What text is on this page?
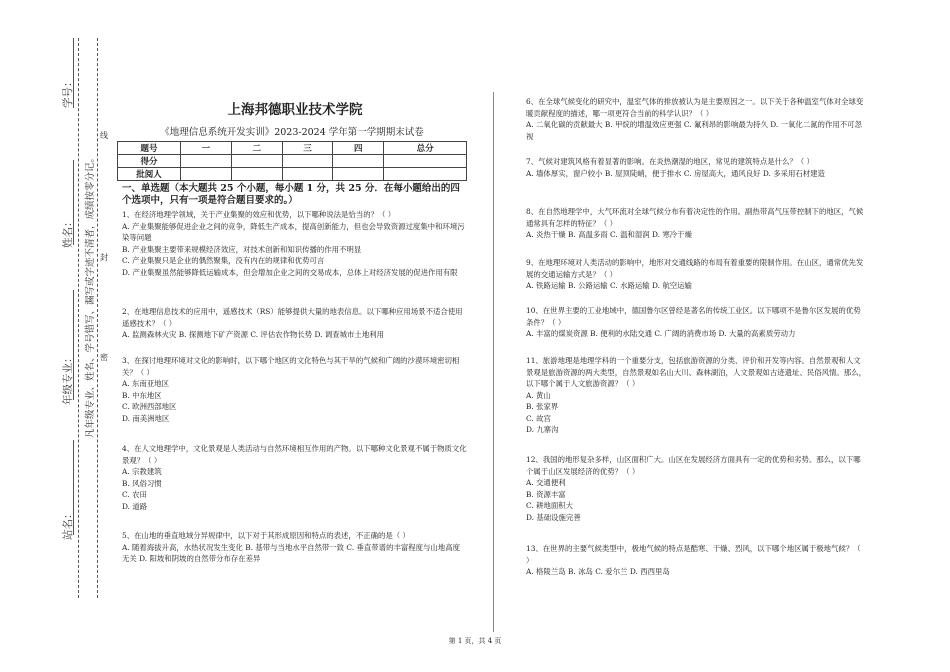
学号：
姓名：
年级专业：
站名：
凡年级专业、姓名、学号错写、漏写或字迹不清者，成绩按零分记。 密
封
线
上海邦德职业技术学院
《地理信息系统开发实训》2023-2024 学年第一学期期末试卷
题号	一	二	三	四	总分
得分					
批阅人					
一、单选题（本大题共 25 个小题，每小题 1 分，共 25 分．在每小题给出的四个选项中，只有一项是符合题目要求的。）
1、在经济地理学领域，关于产业集聚的效应和优势，以下哪种说法是恰当的？（ ）
A. 产业集聚能够促进企业之间的竞争，降低生产成本，提高创新能力，但也会导致资源过度集中和环境污染等问题
B. 产业集聚主要带来规模经济效应，对技术创新和知识传播的作用不明显
C. 产业集聚只是企业的偶然聚集，没有内在的规律和优势可言
D. 产业集聚虽然能够降低运输成本，但会增加企业之间的交易成本，总体上对经济发展的促进作用有限
2、在地理信息技术的应用中，遥感技术（RS）能够提供大量的地表信息。以下哪种应用场景不适合使用遥感技术？（ ）
A. 监测森林火灾 B. 探测地下矿产资源 C. 评估农作物长势 D. 调查城市土地利用
3、在探讨地理环境对文化的影响时，以下哪个地区的文化特色与其干旱的气候和广阔的沙漠环境密切相关？（ ）
A. 东南亚地区
B. 中东地区
C. 欧洲西部地区
D. 南美洲地区
4、在人文地理学中，文化景观是人类活动与自然环境相互作用的产物。以下哪种文化景观不属于物质文化景观？（ ）
A. 宗教建筑
B. 风俗习惯
C. 农田
D. 道路
5、在山地的垂直地域分异规律中，以下对于其形成原因和特点的表述，不正确的是（ ）
A. 随着海拔升高，水热状况发生变化 B. 基带与当地水平自然带一致 C. 垂直带谱的丰富程度与山地高度无关 D. 阳坡和阴坡的自然带分布存在差异
6、在全球气候变化的研究中，温室气体的排放被认为是主要原因之一。以下关于各种温室气体对全球变暖贡献程度的描述，哪一项更符合当前的科学认识？（ ）
A. 二氧化碳的贡献最大 B. 甲烷的增温效应更强 C. 氟利昂的影响最为持久 D. 一氧化二氮的作用不可忽视
7、气候对建筑风格有着显著的影响。在炎热潮湿的地区，常见的建筑特点是什么？（ ）
A. 墙体厚实，窗户较小 B. 屋顶陡峭，便于排水 C. 房屋高大，通风良好 D. 多采用石材建造
8、在自然地理学中，大气环流对全球气候分布有着决定性的作用。副热带高气压带控制下的地区，气候通常具有怎样的特征？（ ）
A. 炎热干燥 B. 高温多雨 C. 温和湿润 D. 寒冷干燥
9、在地理环境对人类活动的影响中，地形对交通线路的布局有着重要的限制作用。在山区，通常优先发展的交通运输方式是？（ ）
A. 铁路运输 B. 公路运输 C. 水路运输 D. 航空运输
10、在世界主要的工业地域中，德国鲁尔区曾经是著名的传统工业区。以下哪项不是鲁尔区发展的优势条件？（ ）
A. 丰富的煤炭资源 B. 便利的水陆交通 C. 广阔的消费市场 D. 大量的高素质劳动力
11、旅游地理是地理学科的一个重要分支，包括旅游资源的分类、评价和开发等内容。自然景观和人文景观是旅游资源的两大类型，自然景观如名山大川、森林湖泊，人文景观如古迹遗址、民俗风情。那么，以下哪个属于人文旅游资源？（ ）
A. 黄山
B. 张家界
C. 故宫
D. 九寨沟
12、我国的地形复杂多样，山区面积广大。山区在发展经济方面具有一定的优势和劣势。那么，以下哪个属于山区发展经济的优势？（ ）
A. 交通便利
B. 资源丰富
C. 耕地面积大
D. 基础设施完善
13、在世界的主要气候类型中，极地气候的特点是酷寒、干燥、烈风，以下哪个地区属于极地气候？（ ）
A. 格陵兰岛 B. 冰岛 C. 爱尔兰 D. 西西里岛
第 1 页，共 4 页
